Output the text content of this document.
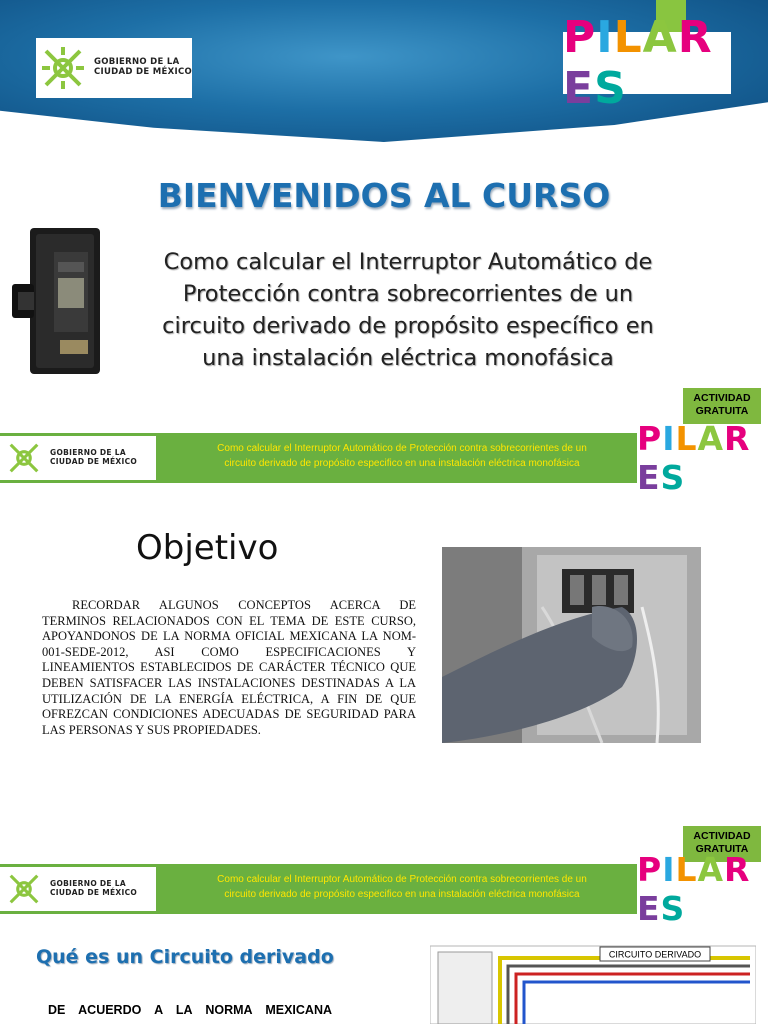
GOBIERNO DE LA
CIUDAD DE MÉXICO
PILARES
BIENVENIDOS AL CURSO
Como calcular el Interruptor Automático de
Protección contra sobrecorrientes de un
circuito derivado de propósito específico en
una instalación eléctrica monofásica
ACTIVIDAD
GRATUITA
GOBIERNO DE LA
CIUDAD DE MÉXICO
Como calcular el Interruptor Automático de Protección contra sobrecorrientes de un
circuito derivado de propósito especifico en una instalación eléctrica monofásica
PILARES
Objetivo
RECORDAR ALGUNOS CONCEPTOS ACERCA DE TERMINOS RELACIONADOS CON EL TEMA DE ESTE CURSO, APOYANDONOS DE LA NORMA OFICIAL MEXICANA LA NOM-001-SEDE-2012, ASI COMO ESPECIFICACIONES Y LINEAMIENTOS ESTABLECIDOS DE CARÁCTER TÉCNICO QUE DEBEN SATISFACER LAS INSTALACIONES DESTINADAS A LA UTILIZACIÓN DE LA ENERGÍA ELÉCTRICA, A FIN DE QUE OFREZCAN CONDICIONES ADECUADAS DE SEGURIDAD PARA LAS PERSONAS Y SUS PROPIEDADES.
ACTIVIDAD
GRATUITA
GOBIERNO DE LA
CIUDAD DE MÉXICO
Como calcular el Interruptor Automático de Protección contra sobrecorrientes de un
circuito derivado de propósito especifico en una instalación eléctrica monofásica
PILARES
Qué es un Circuito derivado
DE ACUERDO A LA NORMA MEXICANA
CIRCUITO DERIVADO
